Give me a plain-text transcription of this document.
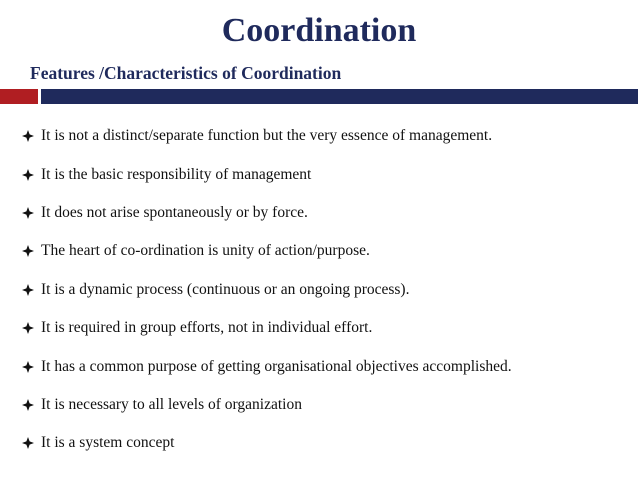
Coordination
Features /Characteristics of Coordination
It is not a distinct/separate function but the very essence of management.
It is the basic responsibility of management
It does not arise spontaneously or by force.
The heart of co-ordination is unity of action/purpose.
It is a dynamic process (continuous or an ongoing process).
It is required in group efforts, not in individual effort.
It has a common purpose of getting organisational objectives accomplished.
It is necessary to all levels of organization
It is a system concept
